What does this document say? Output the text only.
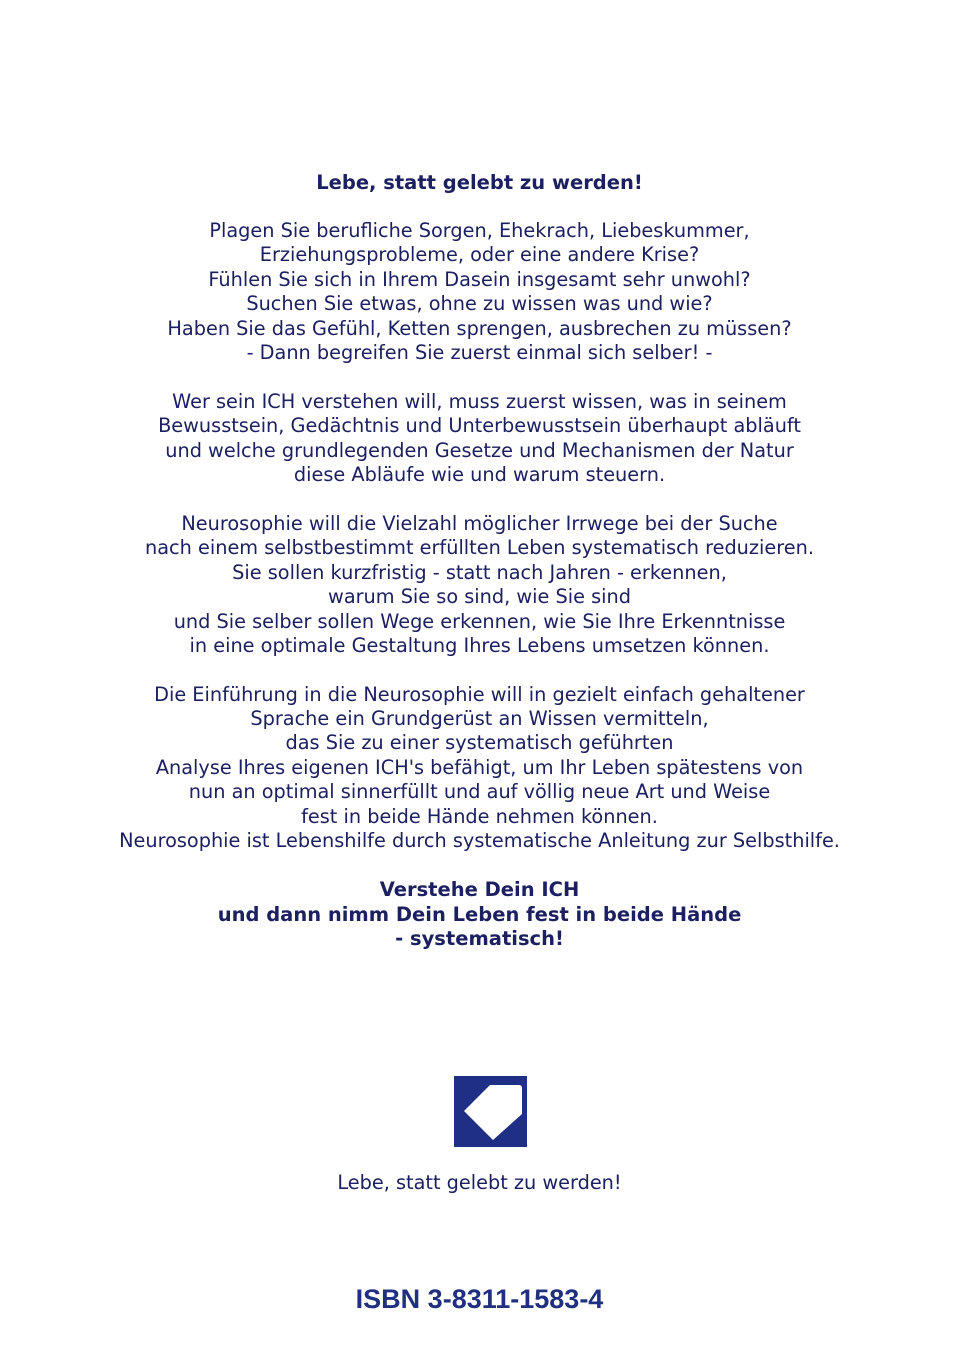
Lebe, statt gelebt zu werden!
Plagen Sie berufliche Sorgen, Ehekrach, Liebeskummer,
Erziehungsprobleme, oder eine andere Krise?
Fühlen Sie sich in Ihrem Dasein insgesamt sehr unwohl?
Suchen Sie etwas, ohne zu wissen was und wie?
Haben Sie das Gefühl, Ketten sprengen, ausbrechen zu müssen?
- Dann begreifen Sie zuerst einmal sich selber! -
Wer sein ICH verstehen will, muss zuerst wissen, was in seinem
Bewusstsein, Gedächtnis und Unterbewusstsein überhaupt abläuft
und welche grundlegenden Gesetze und Mechanismen der Natur
diese Abläufe wie und warum steuern.
Neurosophie will die Vielzahl möglicher Irrwege bei der Suche
nach einem selbstbestimmt erfüllten Leben systematisch reduzieren.
Sie sollen kurzfristig - statt nach Jahren - erkennen,
warum Sie so sind, wie Sie sind
und Sie selber sollen Wege erkennen, wie Sie Ihre Erkenntnisse
in eine optimale Gestaltung Ihres Lebens umsetzen können.
Die Einführung in die Neurosophie will in gezielt einfach gehaltener
Sprache ein Grundgerüst an Wissen vermitteln,
das Sie zu einer systematisch geführten
Analyse Ihres eigenen ICH's befähigt, um Ihr Leben spätestens von
nun an optimal sinnerfüllt und auf völlig neue Art und Weise
fest in beide Hände nehmen können.
Neurosophie ist Lebenshilfe durch systematische Anleitung zur Selbsthilfe.
Verstehe Dein ICH
und dann nimm Dein Leben fest in beide Hände
- systematisch!
Lebe, statt gelebt zu werden!
ISBN 3-8311-1583-4
